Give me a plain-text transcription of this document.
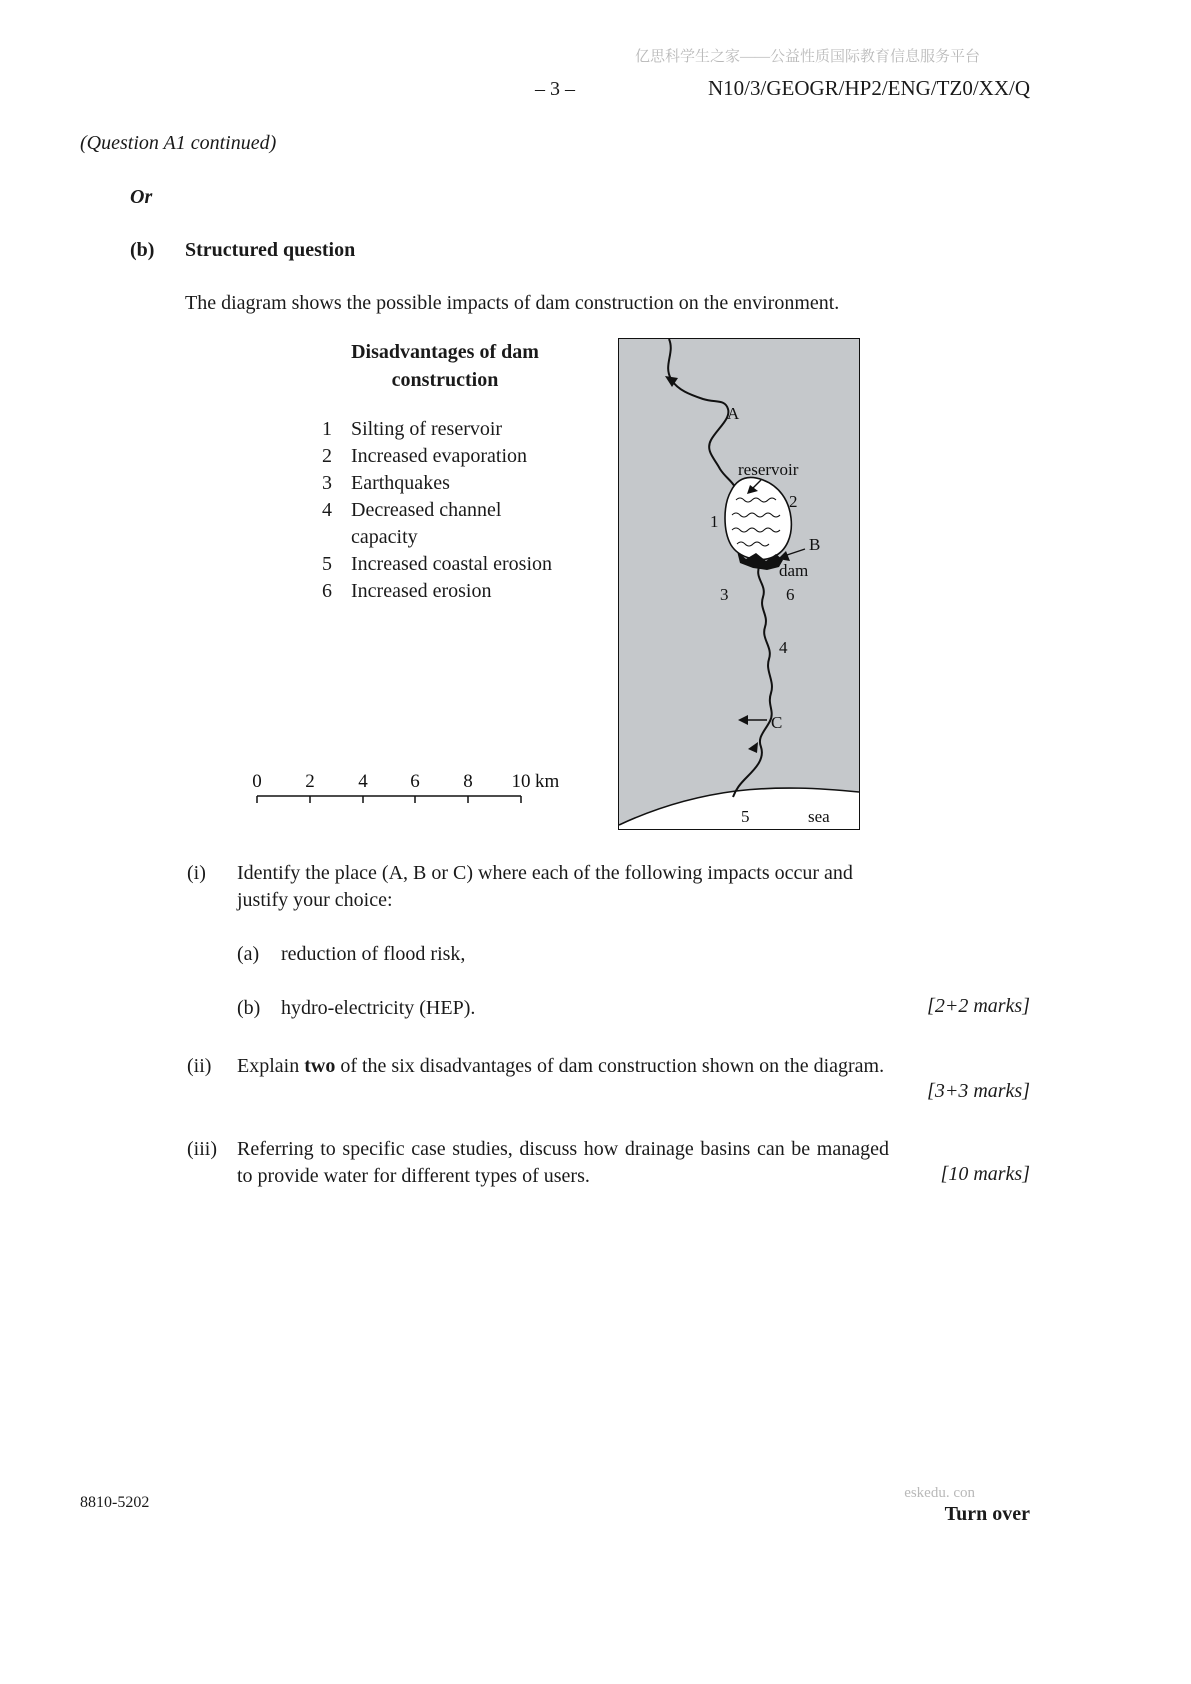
亿思科学生之家——公益性质国际教育信息服务平台
– 3 –	N10/3/GEOGR/HP2/ENG/TZ0/XX/Q
(Question A1 continued)
Or
(b) Structured question
The diagram shows the possible impacts of dam construction on the environment.
Disadvantages of dam
construction
1 Silting of reservoir
2 Increased evaporation
3 Earthquakes
4 Decreased channel capacity
5 Increased coastal erosion
6 Increased erosion
0 2 4 6 8 10 km
A
reservoir
2
1
B
dam
3	6
4
C
5	sea
(i) Identify the place (A, B or C) where each of the following impacts occur and justify your choice:
(a) reduction of flood risk,
(b) hydro-electricity (HEP).	[2+2 marks]
(ii) Explain two of the six disadvantages of dam construction shown on the diagram.
[3+3 marks]
(iii) Referring to specific case studies, discuss how drainage basins can be managed to provide water for different types of users.	[10 marks]
8810-5202
eskedu. con
Turn over
